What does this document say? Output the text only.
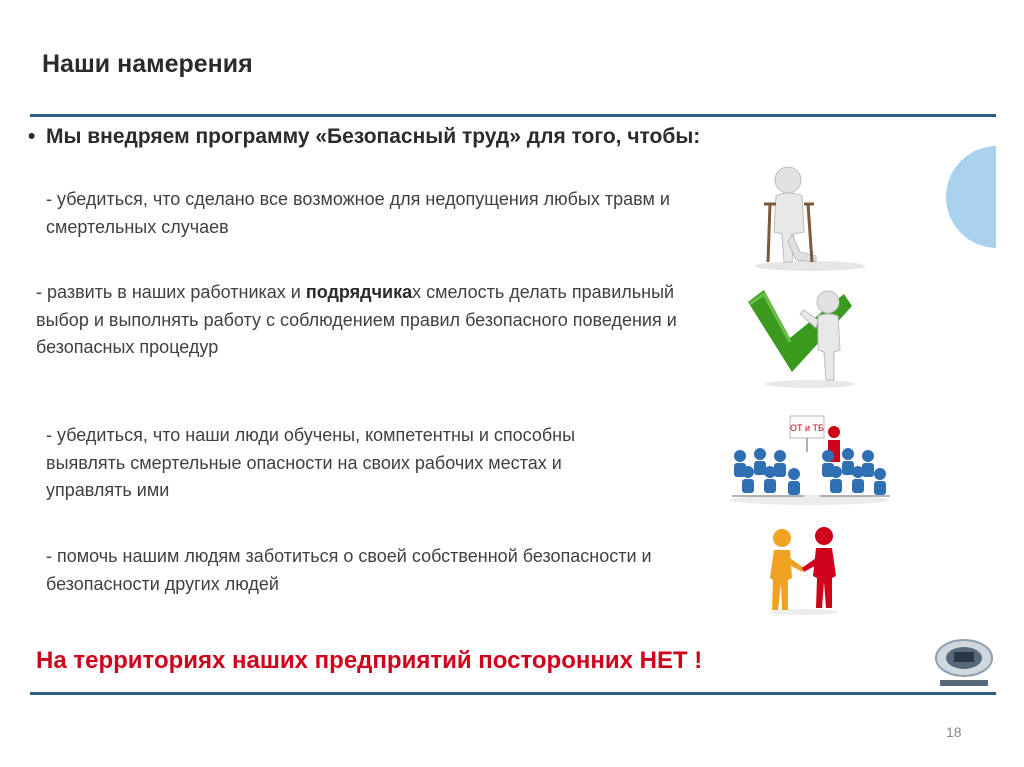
Наши намерения
• Мы внедряем программу «Безопасный труд» для того, чтобы:
- убедиться, что сделано все возможное для недопущения любых травм и смертельных случаев
- развить в наших работниках и подрядчиках смелость делать правильный выбор и выполнять работу с соблюдением правил безопасного поведения и безопасных процедур
- убедиться, что наши люди обучены, компетентны и способны выявлять смертельные опасности на своих рабочих местах и управлять ими
- помочь нашим людям заботиться о своей собственной безопасности и безопасности других людей
ОТ и ТБ
На территориях наших предприятий посторонних НЕТ !
18
